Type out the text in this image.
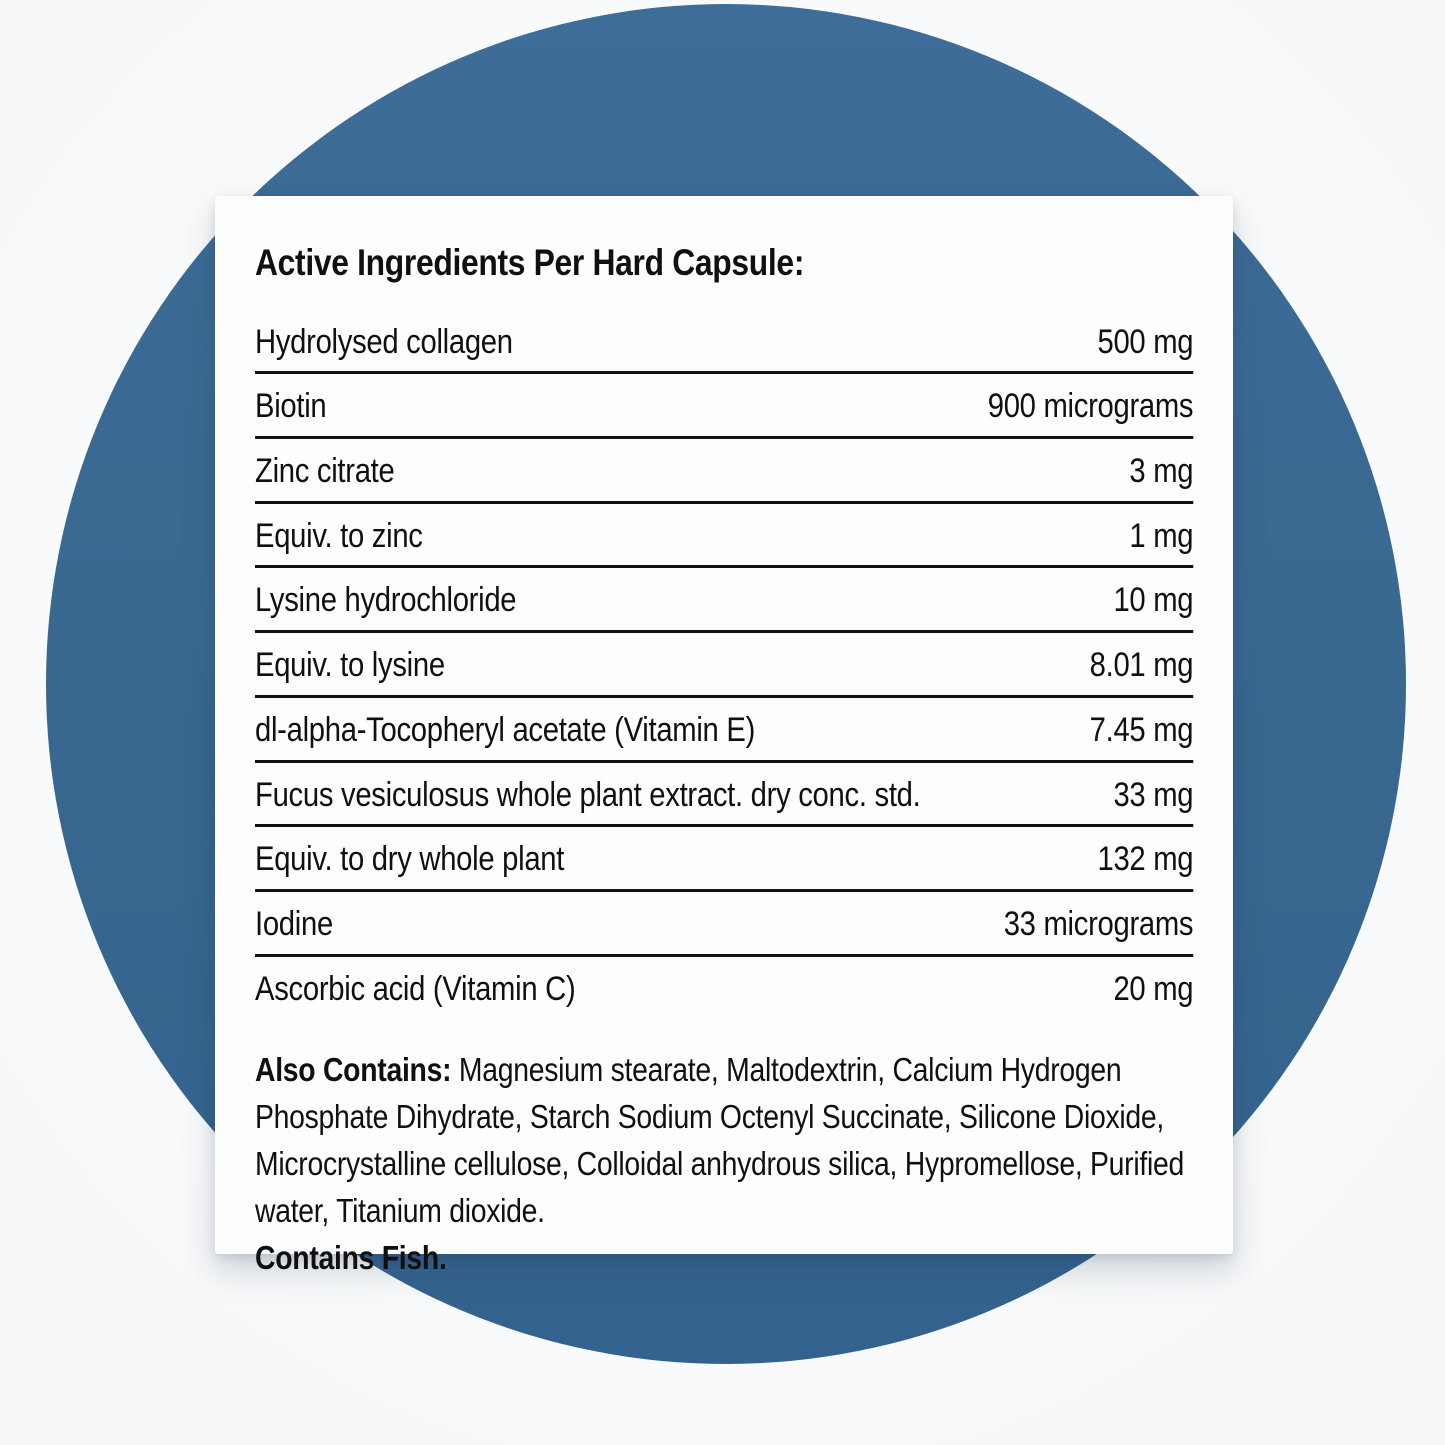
Active Ingredients Per Hard Capsule:
Hydrolysed collagen	500 mg
Biotin	900 micrograms
Zinc citrate	3 mg
Equiv. to zinc	1 mg
Lysine hydrochloride	10 mg
Equiv. to lysine	8.01 mg
dl-alpha-Tocopheryl acetate (Vitamin E)	7.45 mg
Fucus vesiculosus whole plant extract. dry conc. std.	33 mg
Equiv. to dry whole plant	132 mg
Iodine	33 micrograms
Ascorbic acid (Vitamin C)	20 mg

Also Contains: Magnesium stearate, Maltodextrin, Calcium Hydrogen Phosphate Dihydrate, Starch Sodium Octenyl Succinate, Silicone Dioxide, Microcrystalline cellulose, Colloidal anhydrous silica, Hypromellose, Purified water, Titanium dioxide.
Contains Fish.
